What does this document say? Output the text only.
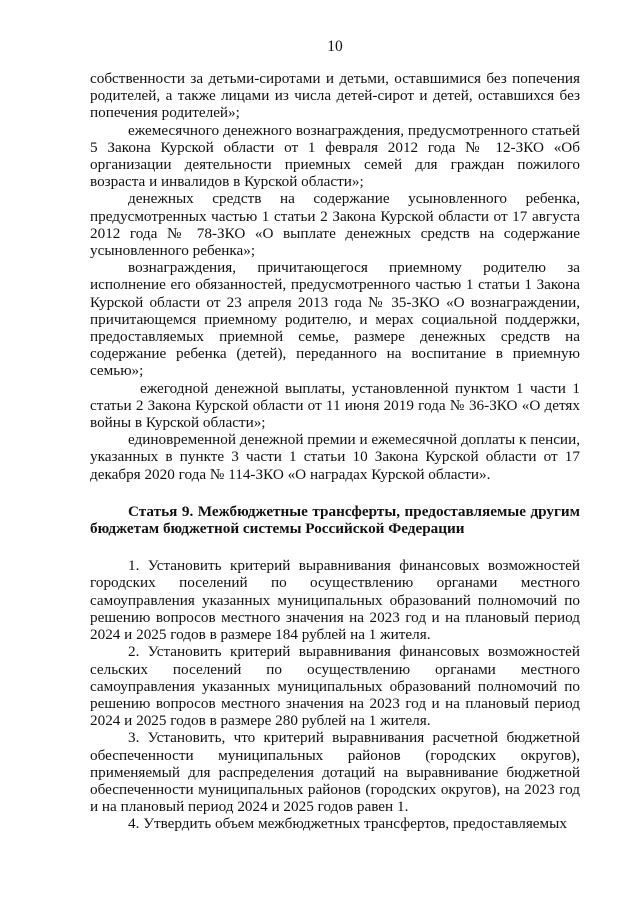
10

собственности за детьми-сиротами и детьми, оставшимися без попечения родителей, а также лицами из числа детей-сирот и детей, оставшихся без попечения родителей»;

ежемесячного денежного вознаграждения, предусмотренного статьей 5 Закона Курской области от 1 февраля 2012 года № 12-ЗКО «Об организации деятельности приемных семей для граждан пожилого возраста и инвалидов в Курской области»;

денежных средств на содержание усыновленного ребенка, предусмотренных частью 1 статьи 2 Закона Курской области от 17 августа 2012 года № 78-ЗКО «О выплате денежных средств на содержание усыновленного ребенка»;

вознаграждения, причитающегося приемному родителю за исполнение его обязанностей, предусмотренного частью 1 статьи 1 Закона Курской области от 23 апреля 2013 года № 35-ЗКО «О вознаграждении, причитающемся приемному родителю, и мерах социальной поддержки, предоставляемых приемной семье, размере денежных средств на содержание ребенка (детей), переданного на воспитание в приемную семью»;

ежегодной денежной выплаты, установленной пунктом 1 части 1 статьи 2 Закона Курской области от 11 июня 2019 года № 36-ЗКО «О детях войны в Курской области»;

единовременной денежной премии и ежемесячной доплаты к пенсии, указанных в пункте 3 части 1 статьи 10 Закона Курской области от 17 декабря 2020 года № 114-ЗКО «О наградах Курской области».

Статья 9. Межбюджетные трансферты, предоставляемые другим бюджетам бюджетной системы Российской Федерации

1. Установить критерий выравнивания финансовых возможностей городских поселений по осуществлению органами местного самоуправления указанных муниципальных образований полномочий по решению вопросов местного значения на 2023 год и на плановый период 2024 и 2025 годов в размере 184 рублей на 1 жителя.

2. Установить критерий выравнивания финансовых возможностей сельских поселений по осуществлению органами местного самоуправления указанных муниципальных образований полномочий по решению вопросов местного значения на 2023 год и на плановый период 2024 и 2025 годов в размере 280 рублей на 1 жителя.

3. Установить, что критерий выравнивания расчетной бюджетной обеспеченности муниципальных районов (городских округов), применяемый для распределения дотаций на выравнивание бюджетной обеспеченности муниципальных районов (городских округов), на 2023 год и на плановый период 2024 и 2025 годов равен 1.

4. Утвердить объем межбюджетных трансфертов, предоставляемых
